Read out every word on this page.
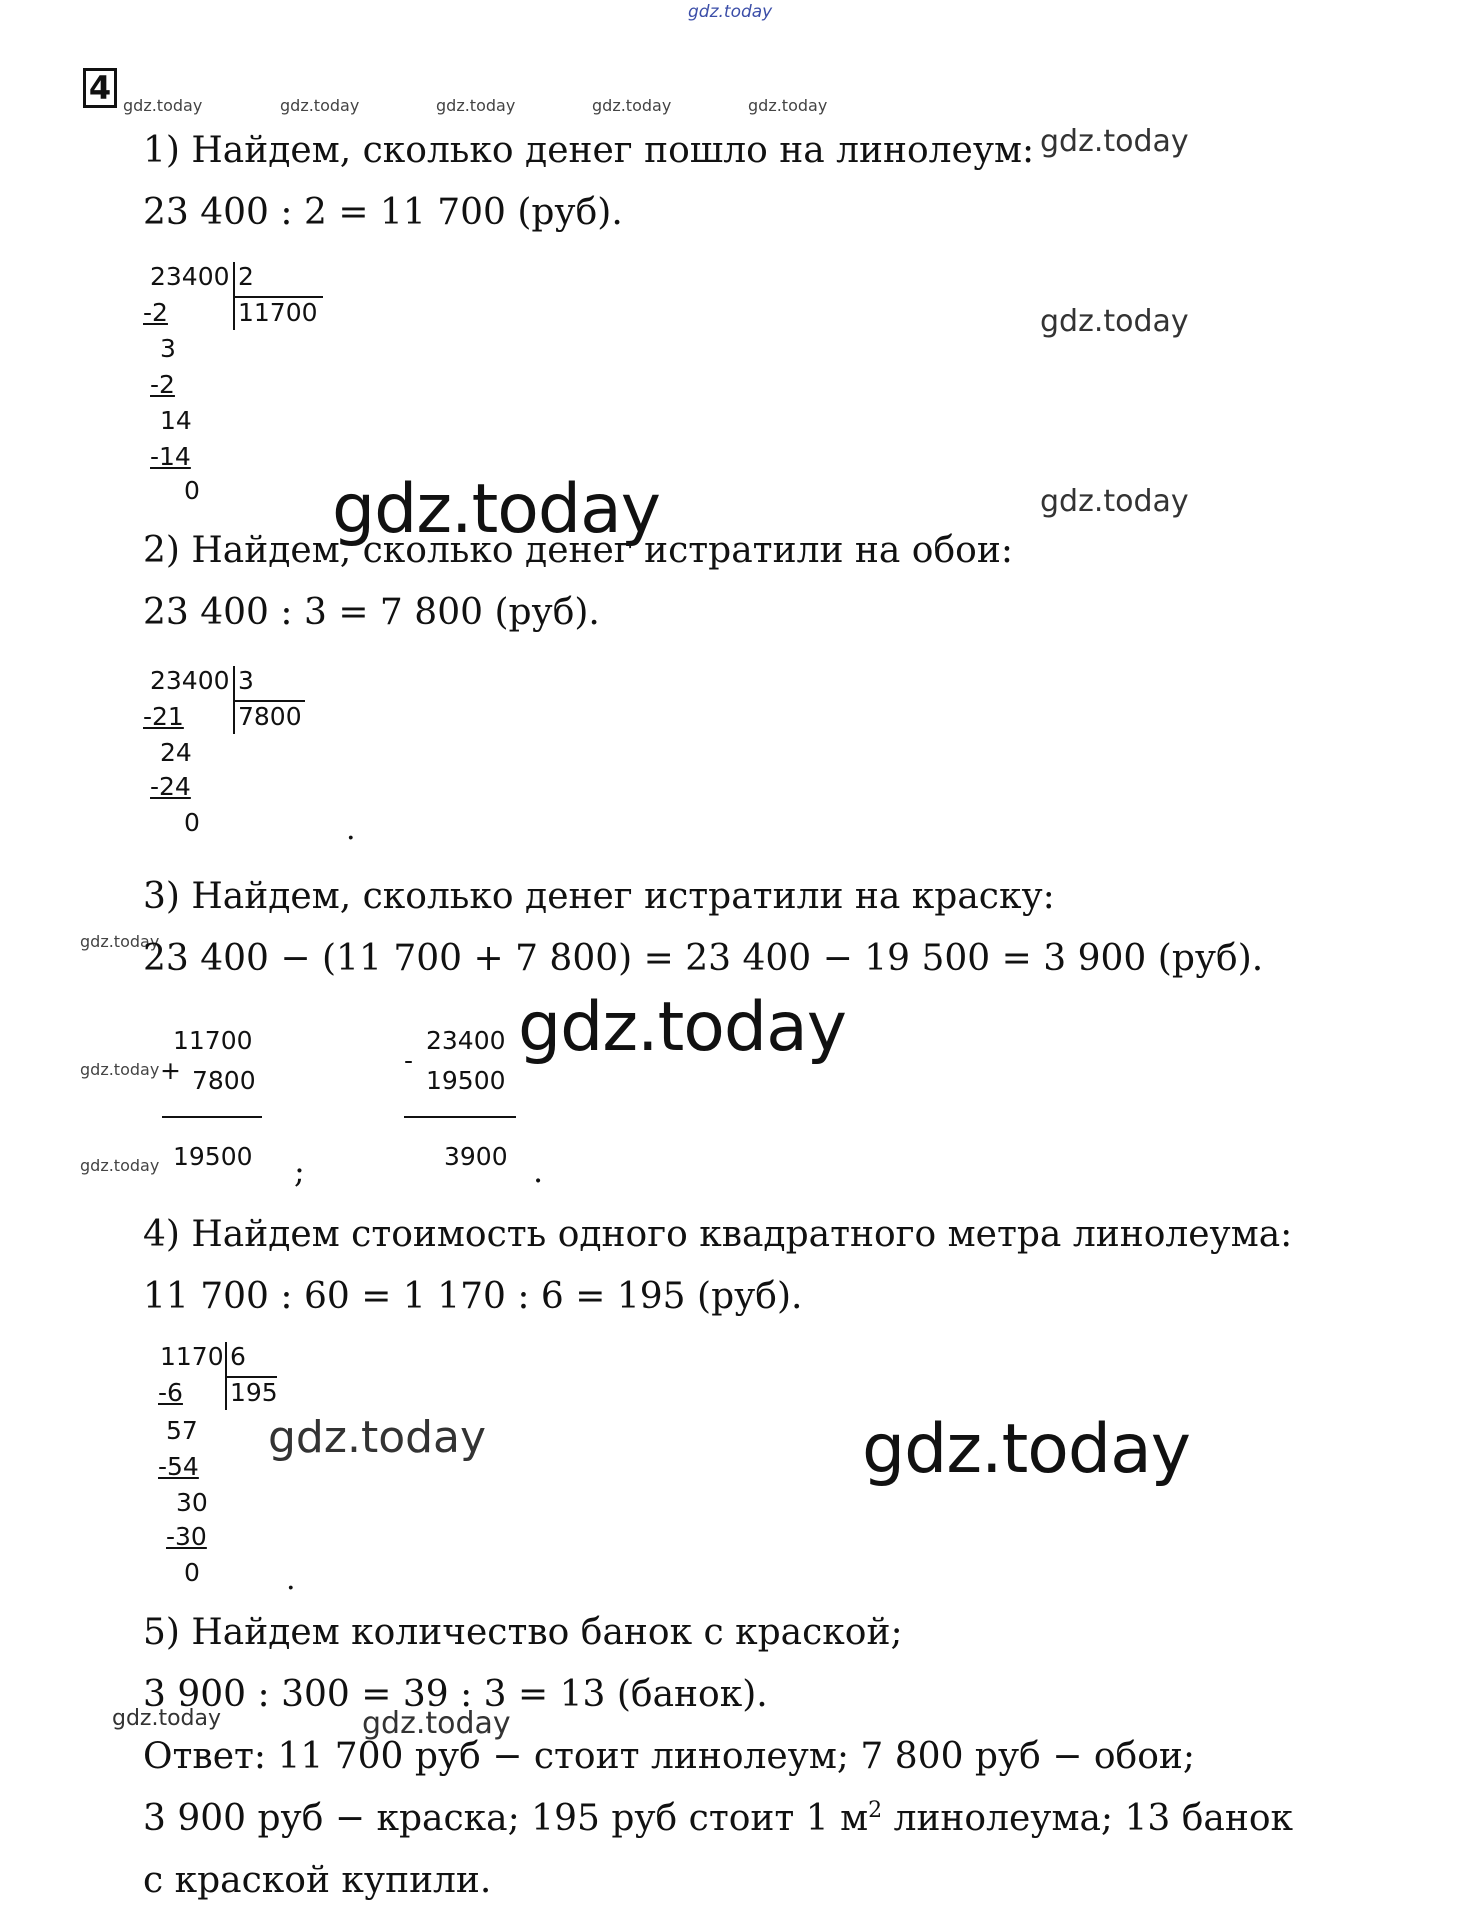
gdz.today
gdz.today	gdz.today	gdz.today	gdz.today	gdz.today
gdz.today
gdz.today
gdz.today
gdz.today
gdz.today
gdz.today
gdz.today
gdz.today
gdz.today	gdz.today
gdz.today	gdz.today
4
1) Найдем, сколько денег пошло на линолеум:
23 400 : 2 = 11 700 (руб).
23400 2
11700
-2
3
-2
14
-14
0
2) Найдем, сколько денег истратили на обои:
23 400 : 3 = 7 800 (руб).
23400 3
7800
-21
24
-24
0	.
3) Найдем, сколько денег истратили на краску:
23 400 − (11 700 + 7 800) = 23 400 − 19 500 = 3 900 (руб).
+
11700
7800
19500 ;
-
23400
19500
3900 .
4) Найдем стоимость одного квадратного метра линолеума:
11 700 : 60 = 1 170 : 6 = 195 (руб).
1170 6
195
-6
57
-54
30
-30
0	.
5) Найдем количество банок с краской;
3 900 : 300 = 39 : 3 = 13 (банок).
Ответ: 11 700 руб − стоит линолеум; 7 800 руб − обои;
3 900 руб − краска; 195 руб стоит 1 $м^2$ линолеума; 13 банок
с краской купили.
